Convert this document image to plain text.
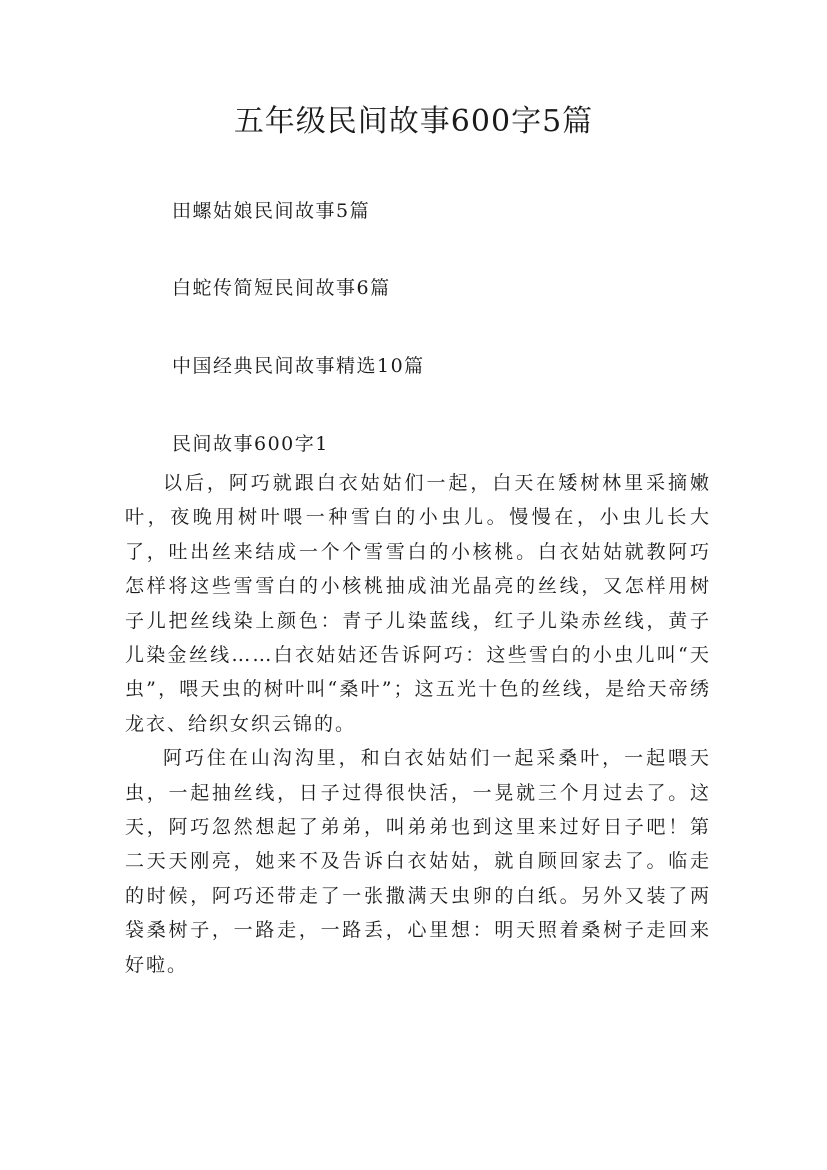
五年级民间故事600字5篇
田螺姑娘民间故事5篇
白蛇传简短民间故事6篇
中国经典民间故事精选10篇
民间故事600字1

以后，阿巧就跟白衣姑姑们一起，白天在矮树林里采摘嫩叶，夜晚用树叶喂一种雪白的小虫儿。慢慢在，小虫儿长大了，吐出丝来结成一个个雪雪白的小核桃。白衣姑姑就教阿巧怎样将这些雪雪白的小核桃抽成油光晶亮的丝线，又怎样用树子儿把丝线染上颜色：青子儿染蓝线，红子儿染赤丝线，黄子儿染金丝线……白衣姑姑还告诉阿巧：这些雪白的小虫儿叫“天虫”，喂天虫的树叶叫“桑叶”；这五光十色的丝线，是给天帝绣龙衣、给织女织云锦的。

阿巧住在山沟沟里，和白衣姑姑们一起采桑叶，一起喂天虫，一起抽丝线，日子过得很快活，一晃就三个月过去了。这天，阿巧忽然想起了弟弟，叫弟弟也到这里来过好日子吧！第二天天刚亮，她来不及告诉白衣姑姑，就自顾回家去了。临走的时候，阿巧还带走了一张撒满天虫卵的白纸。另外又装了两袋桑树子，一路走，一路丢，心里想：明天照着桑树子走回来好啦。
